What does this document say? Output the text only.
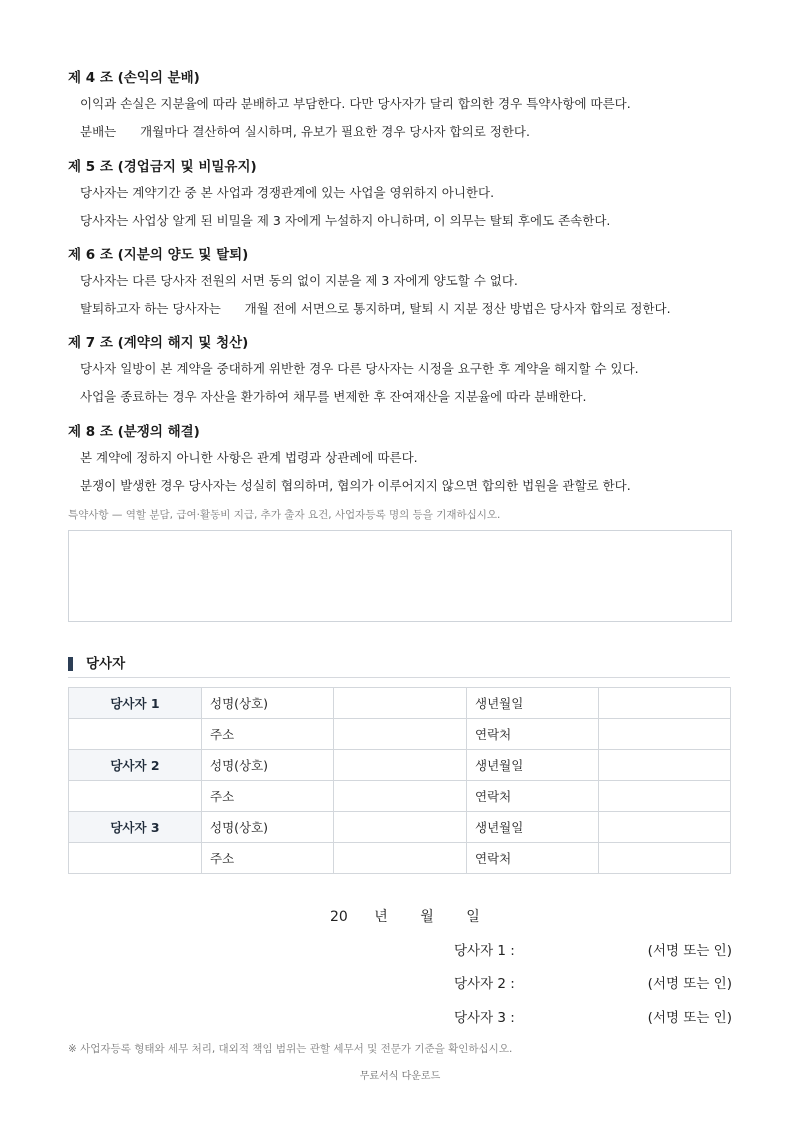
제 4 조 (손익의 분배)
이익과 손실은 지분율에 따라 분배하고 부담한다. 다만 당사자가 달리 합의한 경우 특약사항에 따른다.
분배는      개월마다 결산하여 실시하며, 유보가 필요한 경우 당사자 합의로 정한다.
제 5 조 (경업금지 및 비밀유지)
당사자는 계약기간 중 본 사업과 경쟁관계에 있는 사업을 영위하지 아니한다.
당사자는 사업상 알게 된 비밀을 제 3 자에게 누설하지 아니하며, 이 의무는 탈퇴 후에도 존속한다.
제 6 조 (지분의 양도 및 탈퇴)
당사자는 다른 당사자 전원의 서면 동의 없이 지분을 제 3 자에게 양도할 수 없다.
탈퇴하고자 하는 당사자는      개월 전에 서면으로 통지하며, 탈퇴 시 지분 정산 방법은 당사자 합의로 정한다.
제 7 조 (계약의 해지 및 청산)
당사자 일방이 본 계약을 중대하게 위반한 경우 다른 당사자는 시정을 요구한 후 계약을 해지할 수 있다.
사업을 종료하는 경우 자산을 환가하여 채무를 변제한 후 잔여재산을 지분율에 따라 분배한다.
제 8 조 (분쟁의 해결)
본 계약에 정하지 아니한 사항은 관계 법령과 상관례에 따른다.
분쟁이 발생한 경우 당사자는 성실히 협의하며, 협의가 이루어지지 않으면 합의한 법원을 관할로 한다.
특약사항 — 역할 분담, 급여·활동비 지급, 추가 출자 요건, 사업자등록 명의 등을 기재하십시오.
당사자
당사자 1	성명(상호)		생년월일	
	주소		연락처	
당사자 2	성명(상호)		생년월일	
	주소		연락처	
당사자 3	성명(상호)		생년월일	
	주소		연락처	
20 년 월 일
당사자 1 :	(서명 또는 인)
당사자 2 :	(서명 또는 인)
당사자 3 :	(서명 또는 인)
※ 사업자등록 형태와 세무 처리, 대외적 책임 범위는 관할 세무서 및 전문가 기준을 확인하십시오.
무료서식 다운로드
